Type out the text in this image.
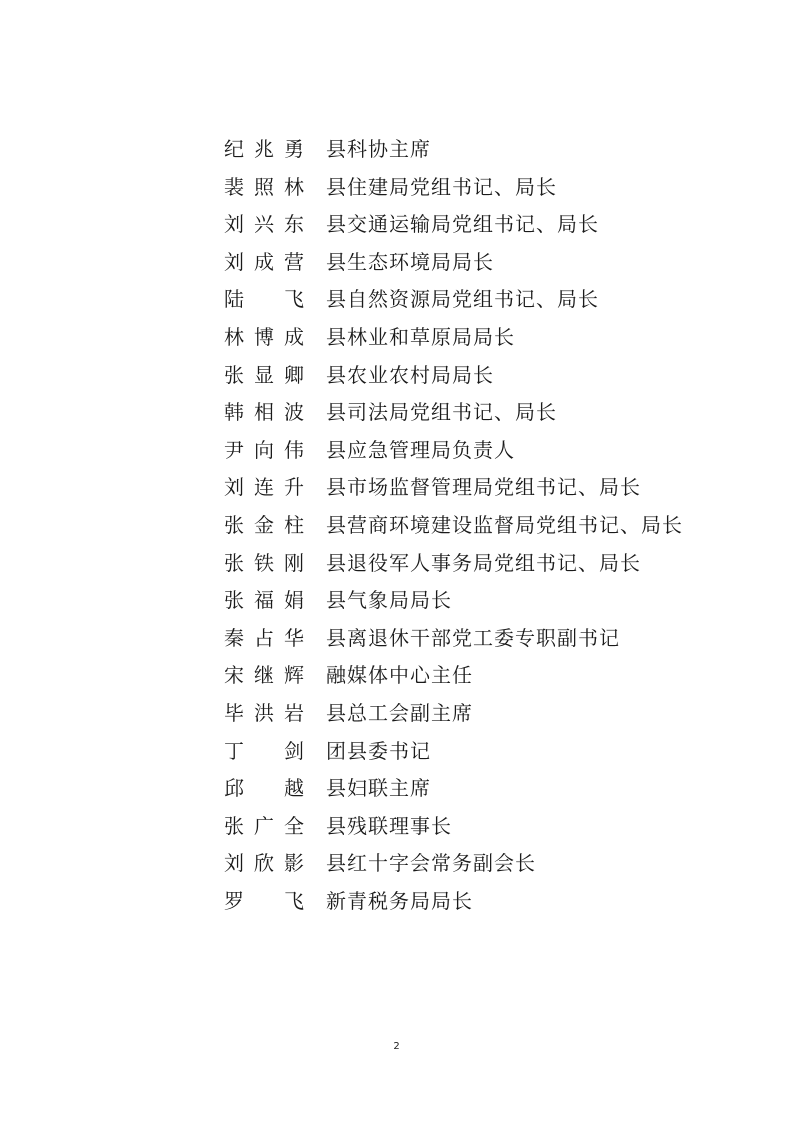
纪兆勇 县科协主席
裴照林 县住建局党组书记、局长
刘兴东 县交通运输局党组书记、局长
刘成营 县生态环境局局长
陆　飞 县自然资源局党组书记、局长
林博成 县林业和草原局局长
张显卿 县农业农村局局长
韩相波 县司法局党组书记、局长
尹向伟 县应急管理局负责人
刘连升 县市场监督管理局党组书记、局长
张金柱 县营商环境建设监督局党组书记、局长
张铁刚 县退役军人事务局党组书记、局长
张福娟 县气象局局长
秦占华 县离退休干部党工委专职副书记
宋继辉 融媒体中心主任
毕洪岩 县总工会副主席
丁　剑 团县委书记
邱　越 县妇联主席
张广全 县残联理事长
刘欣影 县红十字会常务副会长
罗　飞 新青税务局局长
2
